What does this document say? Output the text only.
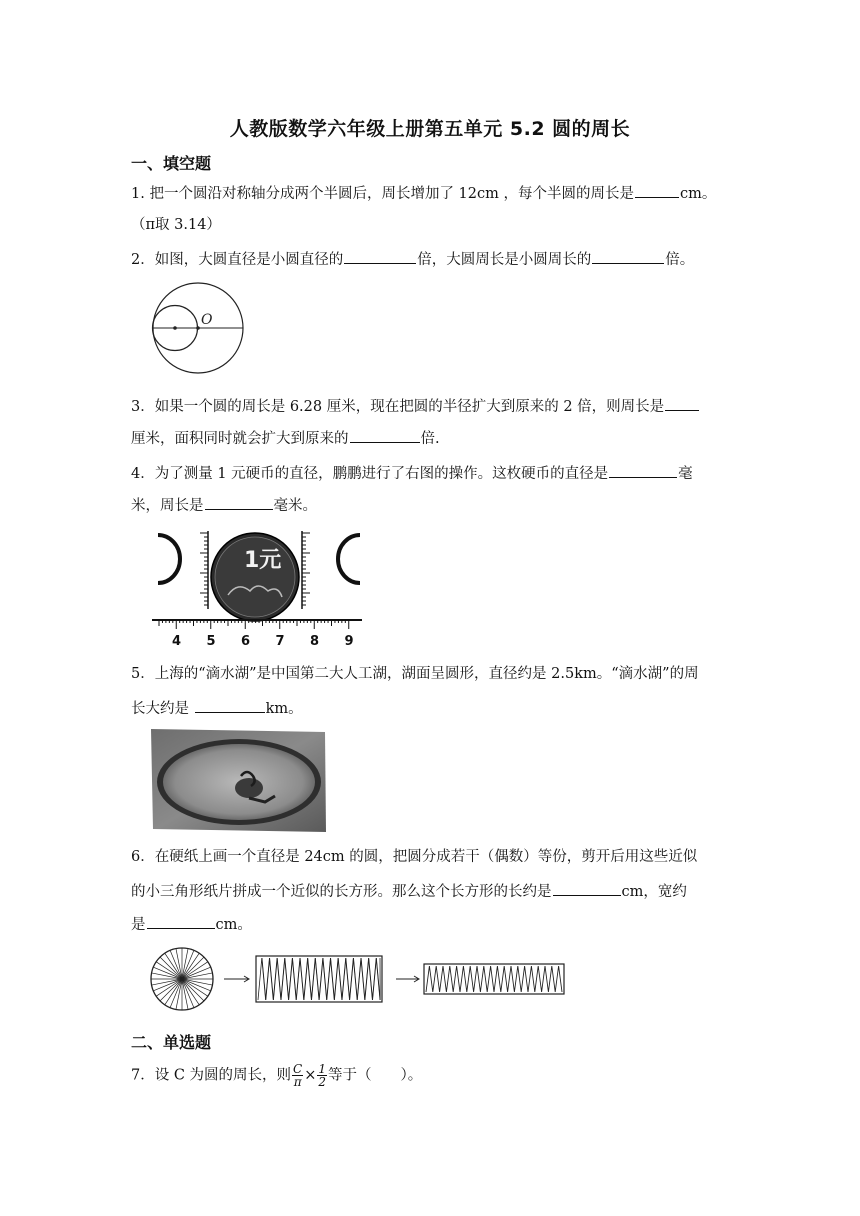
人教版数学六年级上册第五单元 5.2 圆的周长
一、填空题
1. 把一个圆沿对称轴分成两个半圆后，周长增加了 12cm ，每个半圆的周长是	cm。
（π取 3.14）
2．如图，大圆直径是小圆直径的	倍，大圆周长是小圆周长的	倍。
O
3．如果一个圆的周长是 6.28 厘米，现在把圆的半径扩大到原来的 2 倍，则周长是
厘米，面积同时就会扩大到原来的	倍.
4．为了测量 1 元硬币的直径，鹏鹏进行了右图的操作。这枚硬币的直径是	毫
米，周长是	毫米。
1元
4 5 6 7 8 9
5．上海的“滴水湖”是中国第二大人工湖，湖面呈圆形，直径约是 2.5km。“滴水湖”的周
长大约是	km。
6．在硬纸上画一个直径是 24cm 的圆，把圆分成若干（偶数）等份，剪开后用这些近似
的小三角形纸片拼成一个近似的长方形。那么这个长方形的长约是	cm，宽约
是	cm。
二、单选题
7．设 C 为圆的周长，则 $\frac{C}{\pi} \times \frac{1}{2}$ 等于（　　）。
